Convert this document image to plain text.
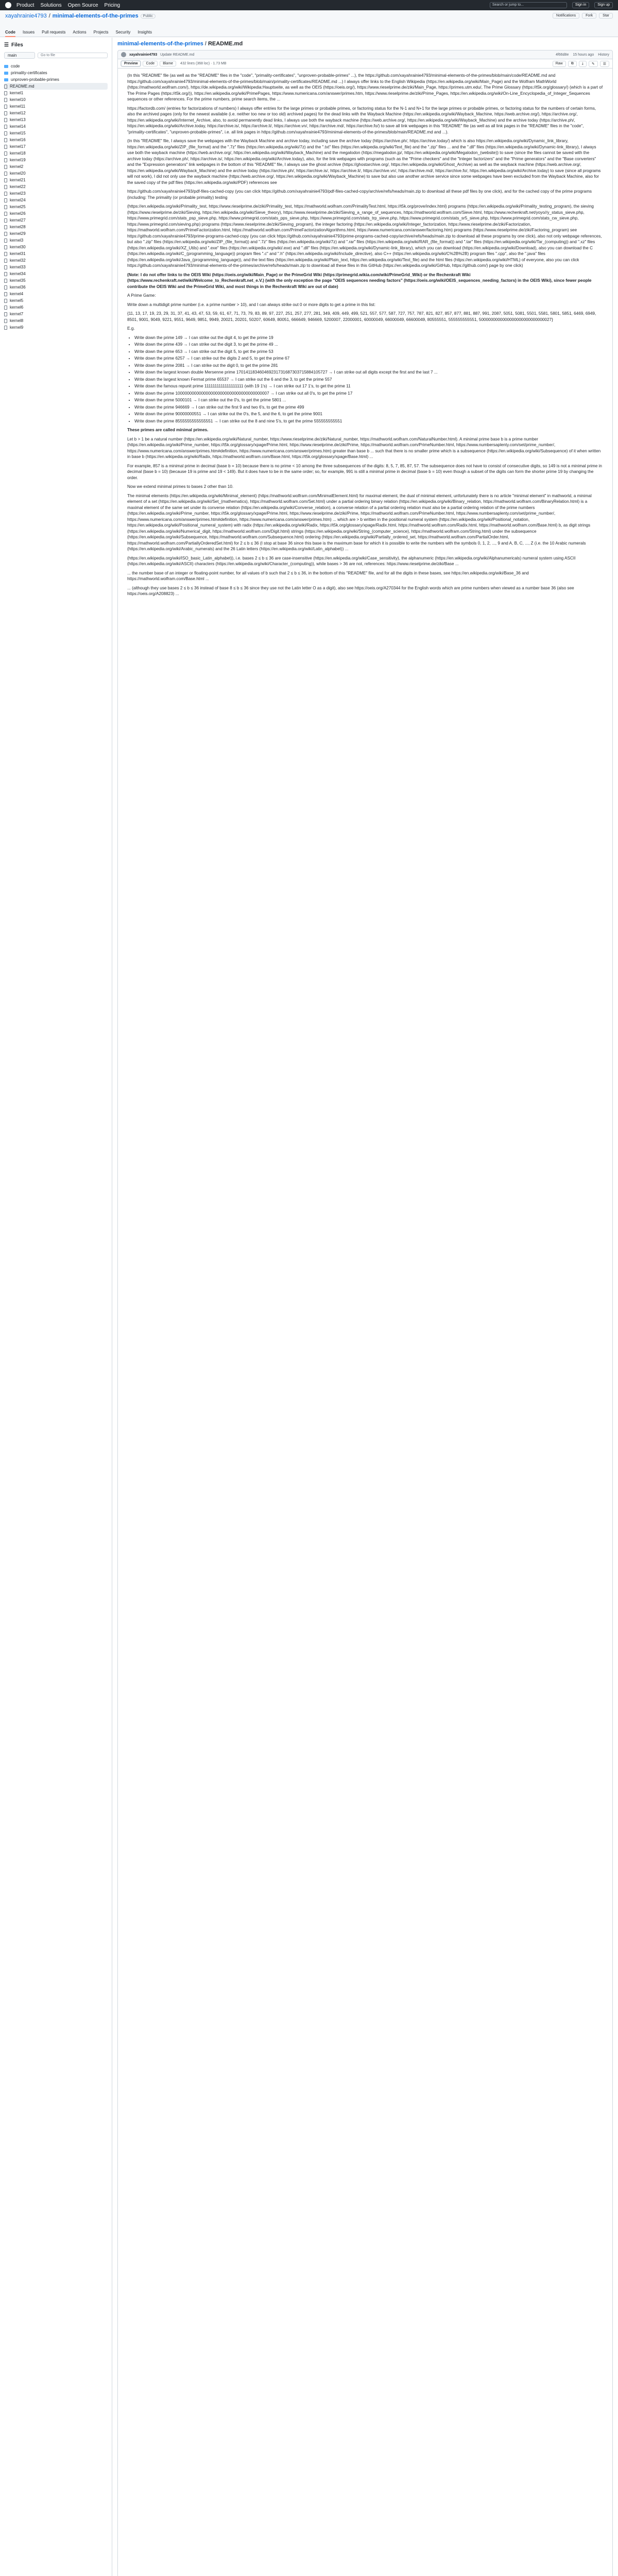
Product Solutions Open Source Pricing	Search or jump to...	Sign in	Sign up
xayahrainie4793 / minimal-elements-of-the-primes	Public	Notifications	Fork	Star
Code Issues Pull requests Actions Projects Security Insights
☰ Files
main	Go to file
code
primality-certificates
unproven-probable-primes
README.md
kernel1
kernel10
kernel11
kernel12
kernel13
kernel14
kernel15
kernel16
kernel17
kernel18
kernel19
kernel2
kernel20
kernel21
kernel22
kernel23
kernel24
kernel25
kernel26
kernel27
kernel28
kernel29
kernel3
kernel30
kernel31
kernel32
kernel33
kernel34
kernel35
kernel36
kernel4
kernel5
kernel6
kernel7
kernel8
kernel9
minimal-elements-of-the-primes / README.md
xayahrainie4793 Update README.md	4f66d8e 15 hours ago History
Preview	Code	Blame	432 lines (368 loc) · 1.73 MB	Raw	⧉	⤓	✎	☰

(In this "README" file (as well as the "README" files in the "code", "primality-certificates", "unproven-probable-primes" ...), the https://github.com/xayahrainie4793/minimal-elements-of-the-primes/blob/main/code/README.md and https://github.com/xayahrainie4793/minimal-elements-of-the-primes/blob/main/primality-certificates/README.md ...) I always offer links to the English Wikipedia (https://en.wikipedia.org/wiki/Main_Page) and the Wolfram MathWorld (https://mathworld.wolfram.com/), https://de.wikipedia.org/wiki/Wikipedia:Hauptseite, as well as the OEIS (https://oeis.org/), https://www.rieselprime.de/ziki/Main_Page, https://primes.utm.edu/, The Prime Glossary (https://t5k.org/glossary/) (which is a part of The Prime Pages (https://t5k.org/)), https://en.wikipedia.org/wiki/PrimePages, https://www.numericana.com/answer/primes.htm, https://www.rieselprime.de/ziki/Prime_Pages, https://en.wikipedia.org/wiki/On-Line_Encyclopedia_of_Integer_Sequences sequences or other references. For the prime numbers, prime search items, the ...

https://factordb.com/ (entries for factorizations of numbers) I always offer entries for the large primes or probable primes, or factoring status for the N-1 and N+1 for the large primes or probable primes, or factoring status for the numbers of certain forms, also the archived pages (only for the newest available (i.e. neither too new or too old) archived pages) for the dead links with the Wayback Machine (https://en.wikipedia.org/wiki/Wayback_Machine, https://web.archive.org/), https://archive.org/, https://en.wikipedia.org/wiki/Internet_Archive, also, to avoid permanently dead links, I always use both the wayback machine (https://web.archive.org/, https://en.wikipedia.org/wiki/Wayback_Machine) and the archive today (https://archive.ph/, https://en.wikipedia.org/wiki/Archive.today, https://archive.is/, https://archive.li/, https://archive.vn/, https://archive.md/, https://archive.fo/) to save all link webpages in this "README" file (as well as all link pages in the "README" files in the "code", "primality-certificates", "unproven-probable-primes", i.e. all link pages in https://github.com/xayahrainie4793/minimal-elements-of-the-primes/blob/main/README.md and ...).

(In this "README" file, I always save the webpages with the Wayback Machine and archive today, including save the archive today (https://archive.ph/, https://archive.today/) which is also https://en.wikipedia.org/wiki/Dynamic_link_library, https://en.wikipedia.org/wiki/ZIP_(file_format) and the ".7z" files (https://en.wikipedia.org/wiki/7z) and the ".txt" files (https://en.wikipedia.org/wiki/Text_file) and the ".zip" files ... and the ".dll" files (https://en.wikipedia.org/wiki/Dynamic-link_library), I always use both the wayback machine (https://web.archive.org/, https://en.wikipedia.org/wiki/Wayback_Machine) and the megalodon (https://megalodon.jp/, https://en.wikipedia.org/wiki/Megalodon_(website)) to save (since the files cannot be saved with the archive today (https://archive.ph/, https://archive.is/, https://en.wikipedia.org/wiki/Archive.today), also, for the link webpages with programs (such as the "Prime checkers" and the "Integer factorizers" and the "Prime generators" and the "Base converters" and the "Expression generators" link webpages in the bottom of this "README" file, I always use the ghost archive (https://ghostarchive.org/, https://en.wikipedia.org/wiki/Ghost_Archive) as well as the wayback machine (https://web.archive.org/, https://en.wikipedia.org/wiki/Wayback_Machine) and the archive today (https://archive.ph/, https://archive.is/, https://archive.li/, https://archive.vn/, https://archive.md/, https://archive.fo/, https://en.wikipedia.org/wiki/Archive.today) to save (since all programs will not work), I did not only use the wayback machine (https://web.archive.org/, https://en.wikipedia.org/wiki/Wayback_Machine) to save but also use another archive service since some webpages have been excluded from the Wayback Machine, also for the saved copy of the pdf files (https://en.wikipedia.org/wiki/PDF) references see

https://github.com/xayahrainie4793/pdf-files-cached-copy (you can click https://github.com/xayahrainie4793/pdf-files-cached-copy/archive/refs/heads/main.zip to download all these pdf files by one click), and for the cached copy of the prime programs (including: The primality (or probable primality) testing

(https://en.wikipedia.org/wiki/Primality_test, https://www.rieselprime.de/ziki/Primality_test, https://mathworld.wolfram.com/PrimalityTest.html, https://t5k.org/prove/index.html) programs (https://en.wikipedia.org/wiki/Primality_testing_program), the sieving (https://www.rieselprime.de/ziki/Sieving, https://en.wikipedia.org/wiki/Sieve_theory), https://www.rieselprime.de/ziki/Sieving_a_range_of_sequences, https://mathworld.wolfram.com/Sieve.html, https://www.rechenkraft.net/yoyo//y_status_sieve.php, https://www.primegrid.com/stats_psp_sieve.php, https://www.primegrid.com/stats_pps_sieve.php, https://www.primegrid.com/stats_trp_sieve.php, https://www.primegrid.com/stats_sr5_sieve.php, https://www.primegrid.com/stats_cw_sieve.php, https://www.primegrid.com/sieving.php) programs (https://www.rieselprime.de/ziki/Sieving_program), the integer factoring (https://en.wikipedia.org/wiki/Integer_factorization, https://www.rieselprime.de/ziki/Factorization, https://mathworld.wolfram.com/PrimeFactorization.html, https://mathworld.wolfram.com/PrimeFactorizationAlgorithms.html, https://www.numericana.com/answer/factoring.htm) programs (https://www.rieselprime.de/ziki/Factoring_program) see https://github.com/xayahrainie4793/prime-programs-cached-copy (you can click https://github.com/xayahrainie4793/prime-programs-cached-copy/archive/refs/heads/main.zip to download all these programs by one click), also not only webpage references, but also ".zip" files (https://en.wikipedia.org/wiki/ZIP_(file_format)) and ".7z" files (https://en.wikipedia.org/wiki/7z) and ".rar" files (https://en.wikipedia.org/wiki/RAR_(file_format)) and ".tar" files (https://en.wikipedia.org/wiki/Tar_(computing)) and ".xz" files (https://en.wikipedia.org/wiki/XZ_Utils) and ".exe" files (https://en.wikipedia.org/wiki/.exe) and ".dll" files (https://en.wikipedia.org/wiki/Dynamic-link_library), which you can download (https://en.wikipedia.org/wiki/Download), also you can download the C (https://en.wikipedia.org/wiki/C_(programming_language)) program files ".c" and ".h" (https://en.wikipedia.org/wiki/Include_directive), also C++ (https://en.wikipedia.org/wiki/C%2B%2B) program files ".cpp", also the ".java" files (https://en.wikipedia.org/wiki/Java_(programming_language)), and the text files (https://en.wikipedia.org/wiki/Plain_text, https://en.wikipedia.org/wiki/Text_file) and the html files (https://en.wikipedia.org/wiki/HTML) of everyone, also you can click https://github.com/xayahrainie4793/minimal-elements-of-the-primes/archive/refs/heads/main.zip to download all these files in this GitHub (https://en.wikipedia.org/wiki/GitHub, https://github.com/) page by one click)

(Note: I do not offer links to the OEIS Wiki (https://oeis.org/wiki/Main_Page) or the PrimeGrid Wiki (https://primegrid.wikia.com/wiki/PrimeGrid_Wiki) or the Rechenkraft Wiki (https://www.rechenkraft.net/wiki/Welcome_to_Rechenkraft.net_e.V.) (with the only exception the page "OEIS sequences needing factors" (https://oeis.org/wiki/OEIS_sequences_needing_factors) in the OEIS Wiki), since fewer people contribute the OEIS Wiki and the PrimeGrid Wiki, and most things in the Rechenkraft Wiki are out of date)

A Prime Game:

Write down a multidigit prime number (i.e. a prime number > 10), and I can always strike out 0 or more digits to get a prime in this list:

{11, 13, 17, 19, 23, 29, 31, 37, 41, 43, 47, 53, 59, 61, 67, 71, 73, 79, 83, 89, 97, 227, 251, 257, 277, 281, 349, 409, 449, 499, 521, 557, 577, 587, 727, 757, 787, 821, 827, 857, 877, 881, 887, 991, 2087, 5051, 5081, 5501, 5581, 5801, 5851, 6469, 6949, 8501, 9001, 9049, 9221, 9551, 9649, 9851, 9949, 20021, 20201, 50207, 60649, 80051, 666649, 946669, 5200007, 22000001, 60000049, 66000049, 66600049, 80555551, 555555555551, 5000000000000000000000000000027}

E.g.

• Write down the prime 149 → I can strike out the digit 4, to get the prime 19
• Write down the prime 439 → I can strike out the digit 3, to get the prime 49 ...
• Write down the prime 653 → I can strike out the digit 5, to get the prime 53
• Write down the prime 6257 → I can strike out the digits 2 and 5, to get the prime 67
• Write down the prime 2081 → I can strike out the digit 0, to get the prime 281
• Write down the largest known double Mersenne prime 170141183460469231731687303715884105727 → I can strike out all digits except the first and the last 7 ...
• Write down the largest known Fermat prime 65537 → I can strike out the 6 and the 3, to get the prime 557
• Write down the famous repunit prime 1111111111111111111 (with 19 1's) → I can strike out 17 1's, to get the prime 11
• Write down the prime 1000000000000000000000000000000000000007 → I can strike out all 0's, to get the prime 17
• Write down the prime 5000101 → I can strike out the 0's, to get the prime 5801 ...
• Write down the prime 946669 → I can strike out the first 9 and two 6's, to get the prime 499
• Write down the prime 90000000551 → I can strike out the 0's, the 5, and the 6, to get the prime 9001
• Write down the prime 8555555555555551 → I can strike out the 8 and nine 5's, to get the prime 555555555551

These primes are called minimal primes.

Let b > 1 be a natural number (https://en.wikipedia.org/wiki/Natural_number, https://www.rieselprime.de/ziki/Natural_number, https://mathworld.wolfram.com/NaturalNumber.html). A minimal prime base b is a prime number (https://en.wikipedia.org/wiki/Prime_number, https://t5k.org/glossary/xpage/Prime.html, https://www.rieselprime.de/ziki/Prime, https://mathworld.wolfram.com/PrimeNumber.html, https://www.numbersaplenty.com/set/prime_number/, https://www.numericana.com/answer/primes.htm#definition, https://www.numericana.com/answer/primes.htm) greater than base b ... such that there is no smaller prime which is a subsequence (https://en.wikipedia.org/wiki/Subsequence) of it when written in base b (https://en.wikipedia.org/wiki/Radix, https://mathworld.wolfram.com/Base.html, https://t5k.org/glossary/xpage/Base.html) ...

For example, 857 is a minimal prime in decimal (base b = 10) because there is no prime < 10 among the three subsequences of the digits: 8, 5, 7, 85, 87, 57. The subsequence does not have to consist of consecutive digits, so 149 is not a minimal prime in decimal (base b = 10) (because 19 is prime and 19 < 149). But it does have to be in the same order; so, for example, 991 is still a minimal prime in decimal (base b = 10) even though a subset of the digits can form the shorter prime 19 by changing the order.

Now we extend minimal primes to bases 2 other than 10.

The minimal elements (https://en.wikipedia.org/wiki/Minimal_element) (https://mathworld.wolfram.com/MinimalElement.html) for maximal element, the dual of minimal element, unfortunately there is no article "minimal element" in mathworld, a minimal element of a set (https://en.wikipedia.org/wiki/Set_(mathematics), https://mathworld.wolfram.com/Set.html) under a partial ordering binary relation (https://en.wikipedia.org/wiki/Binary_relation, https://mathworld.wolfram.com/BinaryRelation.html) is a maximal element of the same set under its converse relation (https://en.wikipedia.org/wiki/Converse_relation), a converse relation of a partial ordering relation must also be a partial ordering relation of the prime numbers (https://en.wikipedia.org/wiki/Prime_number, https://t5k.org/glossary/xpage/Prime.html, https://www.rieselprime.de/ziki/Prime, https://mathworld.wolfram.com/PrimeNumber.html, https://www.numbersaplenty.com/set/prime_number/, https://www.numericana.com/answer/primes.htm#definition, https://www.numericana.com/answer/primes.htm) ... which are > b written in the positional numeral system (https://en.wikipedia.org/wiki/Positional_notation, https://en.wikipedia.org/wiki/Positional_numeral_system) with radix (https://en.wikipedia.org/wiki/Radix, https://t5k.org/glossary/xpage/Radix.html, https://mathworld.wolfram.com/Radix.html, https://mathworld.wolfram.com/Base.html) b, as digit strings (https://en.wikipedia.org/wiki/Numerical_digit, https://mathworld.wolfram.com/Digit.html) strings (https://en.wikipedia.org/wiki/String_(computer_science), https://mathworld.wolfram.com/String.html) under the subsequence (https://en.wikipedia.org/wiki/Subsequence, https://mathworld.wolfram.com/Subsequence.html) ordering (https://en.wikipedia.org/wiki/Partially_ordered_set, https://mathworld.wolfram.com/PartialOrder.html, https://mathworld.wolfram.com/PartiallyOrderedSet.html) for 2 ≤ b ≤ 36 (I stop at base 36 since this base is the maximum base for which it is possible to write the numbers with the symbols 0, 1, 2, ..., 9 and A, B, C, ..., Z (i.e. the 10 Arabic numerals (https://en.wikipedia.org/wiki/Arabic_numerals) and the 26 Latin letters (https://en.wikipedia.org/wiki/Latin_alphabet)) ...

(https://en.wikipedia.org/wiki/ISO_basic_Latin_alphabet)), i.e. bases 2 ≤ b ≤ 36 are case-insensitive (https://en.wikipedia.org/wiki/Case_sensitivity), the alphanumeric (https://en.wikipedia.org/wiki/Alphanumericals) numeral system using ASCII (https://en.wikipedia.org/wiki/ASCII) characters (https://en.wikipedia.org/wiki/Character_(computing)), while bases > 36 are not, references: https://www.rieselprime.de/ziki/Base ...

... the number base of an integer or floating-point number, for all values of b such that 2 ≤ b ≤ 36, in the bottom of this "README" file, and for all the digits in these bases, see https://en.wikipedia.org/wiki/Base_36 and https://mathworld.wolfram.com/Base.html ...

... (although they use bases 2 ≤ b ≤ 36 instead of base 8 ≤ b ≤ 36 since they use not the Latin letter O as a digit), also see https://oeis.org/A270344 for the English words which are prime numbers when viewed as a number base 36 (also see https://oeis.org/A208823) ...
